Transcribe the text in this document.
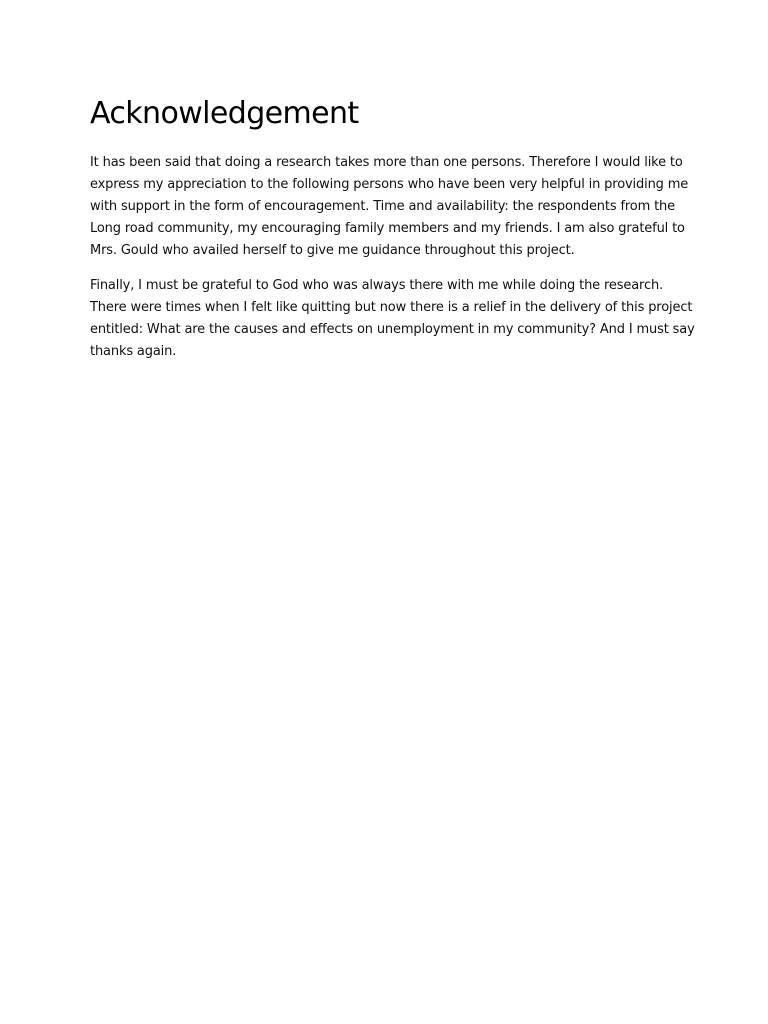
Acknowledgement

It has been said that doing a research takes more than one persons. Therefore I would like to
express my appreciation to the following persons who have been very helpful in providing me
with support in the form of encouragement. Time and availability: the respondents from the
Long road community, my encouraging family members and my friends. I am also grateful to
Mrs. Gould who availed herself to give me guidance throughout this project.

Finally, I must be grateful to God who was always there with me while doing the research.
There were times when I felt like quitting but now there is a relief in the delivery of this project
entitled: What are the causes and effects on unemployment in my community? And I must say
thanks again.
